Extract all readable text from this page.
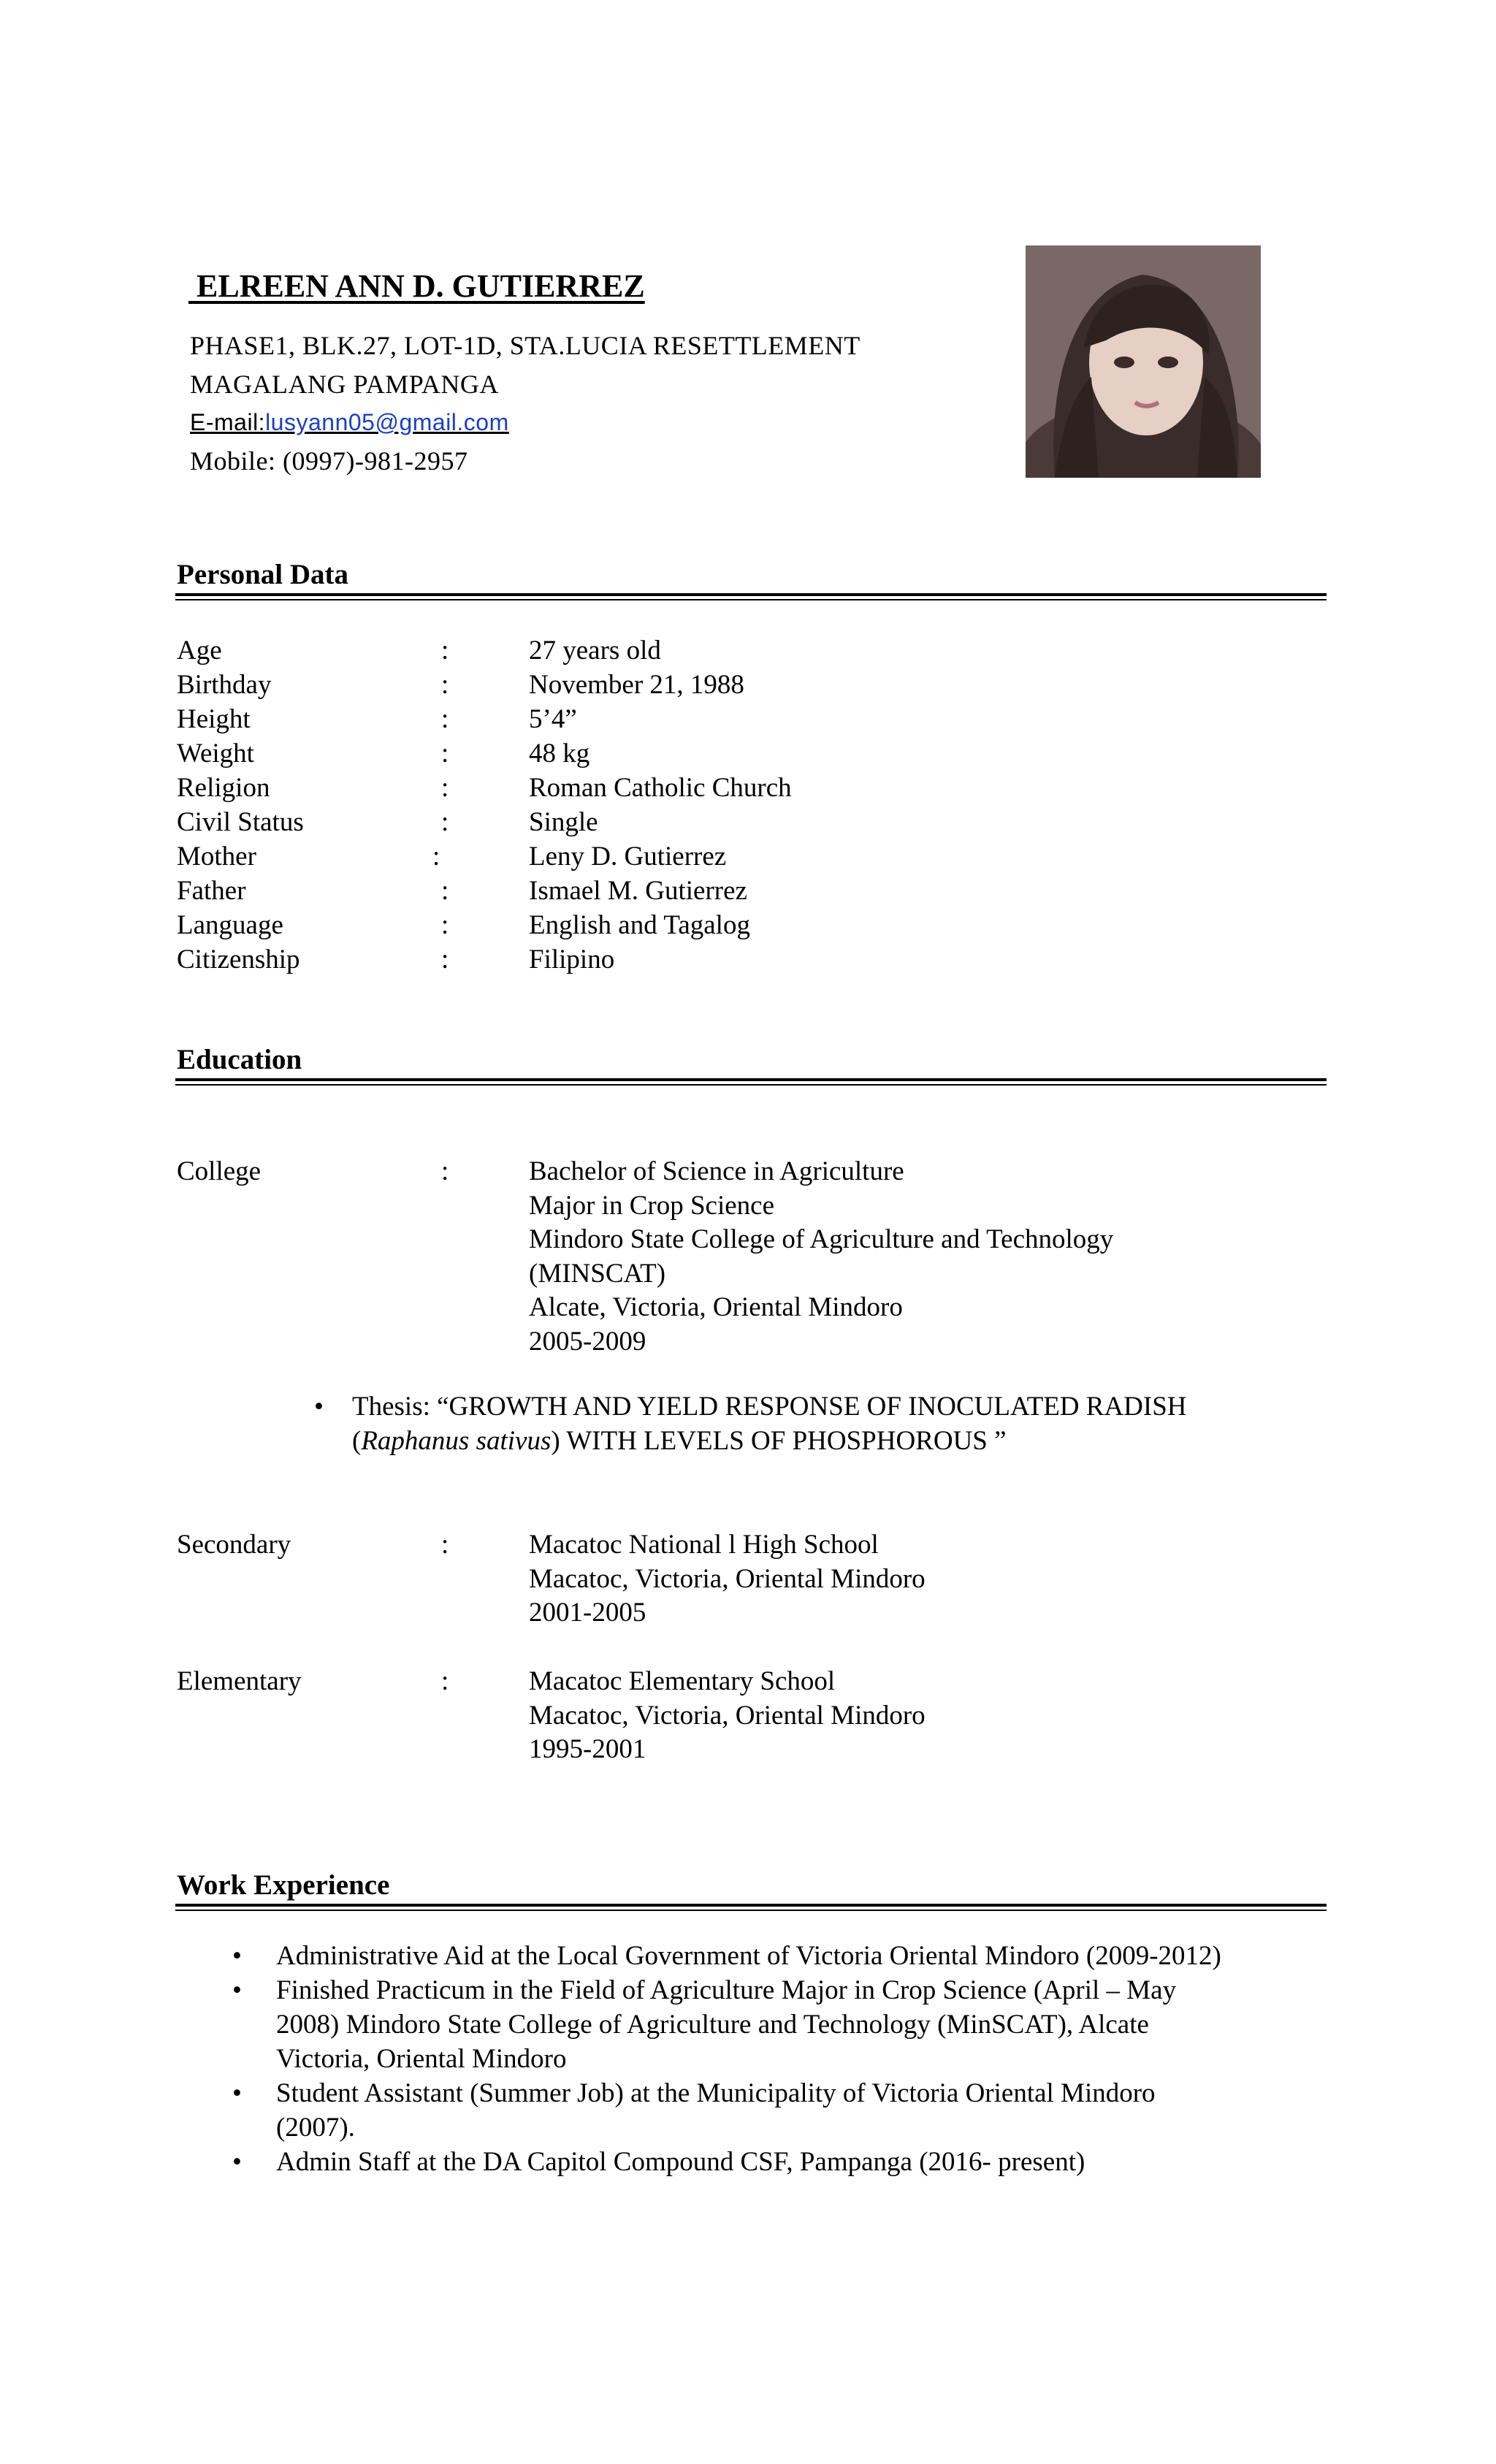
ELREEN ANN D. GUTIERREZ
PHASE1, BLK.27, LOT-1D, STA.LUCIA RESETTLEMENT
MAGALANG PAMPANGA
E-mail:lusyann05@gmail.com
Mobile: (0997)-981-2957
Personal Data
Age	:	27 years old
Birthday	:	November 21, 1988
Height	:	5’4”
Weight	:	48 kg
Religion	:	Roman Catholic Church
Civil Status	:	Single
Mother	:	Leny D. Gutierrez
Father	:	Ismael M. Gutierrez
Language	:	English and Tagalog
Citizenship	:	Filipino
Education
College	:	Bachelor of Science in Agriculture
Major in Crop Science
Mindoro State College of Agriculture and Technology
(MINSCAT)
Alcate, Victoria, Oriental Mindoro
2005-2009
• Thesis: “GROWTH AND YIELD RESPONSE OF INOCULATED RADISH
(Raphanus sativus) WITH LEVELS OF PHOSPHOROUS ”
Secondary	:	Macatoc National l High School
Macatoc, Victoria, Oriental Mindoro
2001-2005
Elementary	:	Macatoc Elementary School
Macatoc, Victoria, Oriental Mindoro
1995-2001
Work Experience
• Administrative Aid at the Local Government of Victoria Oriental Mindoro (2009-2012)
• Finished Practicum in the Field of Agriculture Major in Crop Science (April – May
2008) Mindoro State College of Agriculture and Technology (MinSCAT), Alcate
Victoria, Oriental Mindoro
• Student Assistant (Summer Job) at the Municipality of Victoria Oriental Mindoro
(2007).
• Admin Staff at the DA Capitol Compound CSF, Pampanga (2016- present)
